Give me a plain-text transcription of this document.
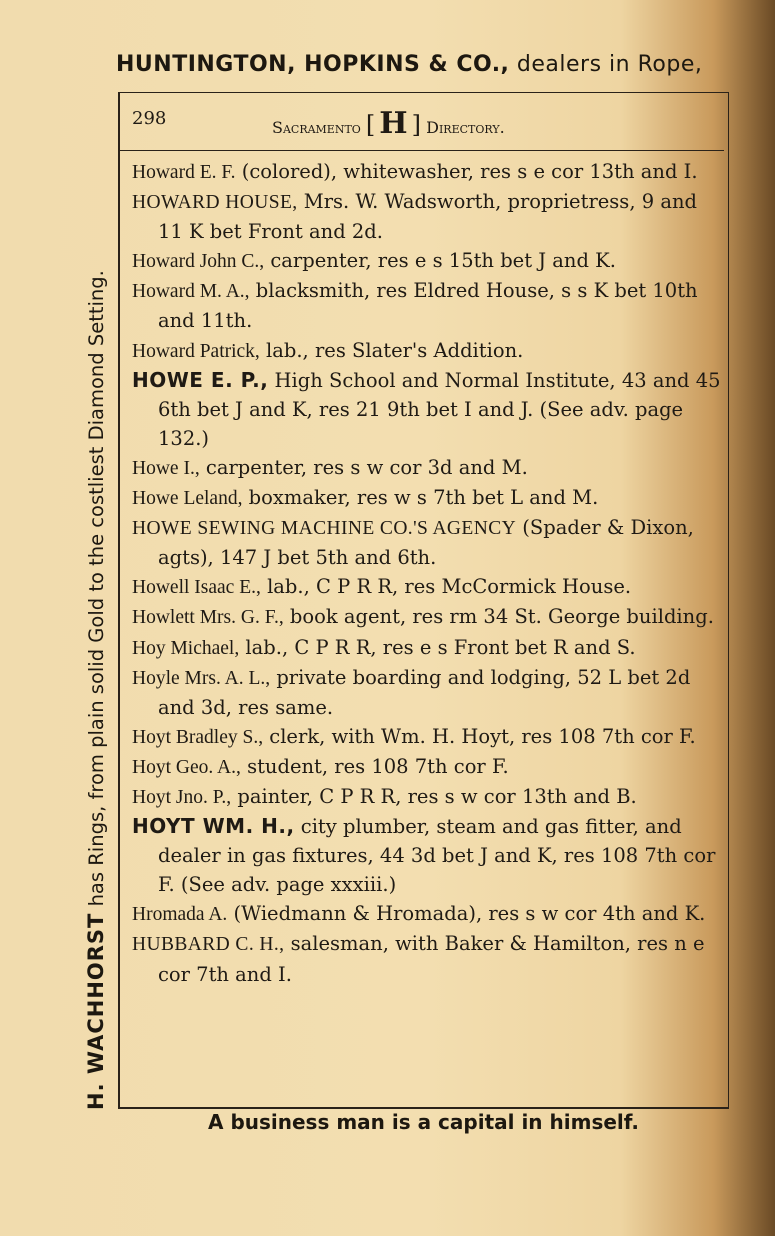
HUNTINGTON, HOPKINS & CO., dealers in Rope,
H. WACHHORST has Rings, from plain solid Gold to the costliest Diamond Setting.
298	Sacramento [ H ] Directory.
Howard E. F. (colored), whitewasher, res s e cor 13th and I.
HOWARD HOUSE, Mrs. W. Wadsworth, proprietress, 9 and 11 K bet Front and 2d.
Howard John C., carpenter, res e s 15th bet J and K.
Howard M. A., blacksmith, res Eldred House, s s K bet 10th and 11th.
Howard Patrick, lab., res Slater's Addition.
HOWE E. P., High School and Normal Institute, 43 and 45 6th bet J and K, res 21 9th bet I and J. (See adv. page 132.)
Howe I., carpenter, res s w cor 3d and M.
Howe Leland, boxmaker, res w s 7th bet L and M.
HOWE SEWING MACHINE CO.'S AGENCY (Spader & Dixon, agts), 147 J bet 5th and 6th.
Howell Isaac E., lab., C P R R, res McCormick House.
Howlett Mrs. G. F., book agent, res rm 34 St. George building.
Hoy Michael, lab., C P R R, res e s Front bet R and S.
Hoyle Mrs. A. L., private boarding and lodging, 52 L bet 2d and 3d, res same.
Hoyt Bradley S., clerk, with Wm. H. Hoyt, res 108 7th cor F.
Hoyt Geo. A., student, res 108 7th cor F.
Hoyt Jno. P., painter, C P R R, res s w cor 13th and B.
HOYT WM. H., city plumber, steam and gas fitter, and dealer in gas fixtures, 44 3d bet J and K, res 108 7th cor F. (See adv. page xxxiii.)
Hromada A. (Wiedmann & Hromada), res s w cor 4th and K.
HUBBARD C. H., salesman, with Baker & Hamilton, res n e cor 7th and I.
A business man is a capital in himself.
